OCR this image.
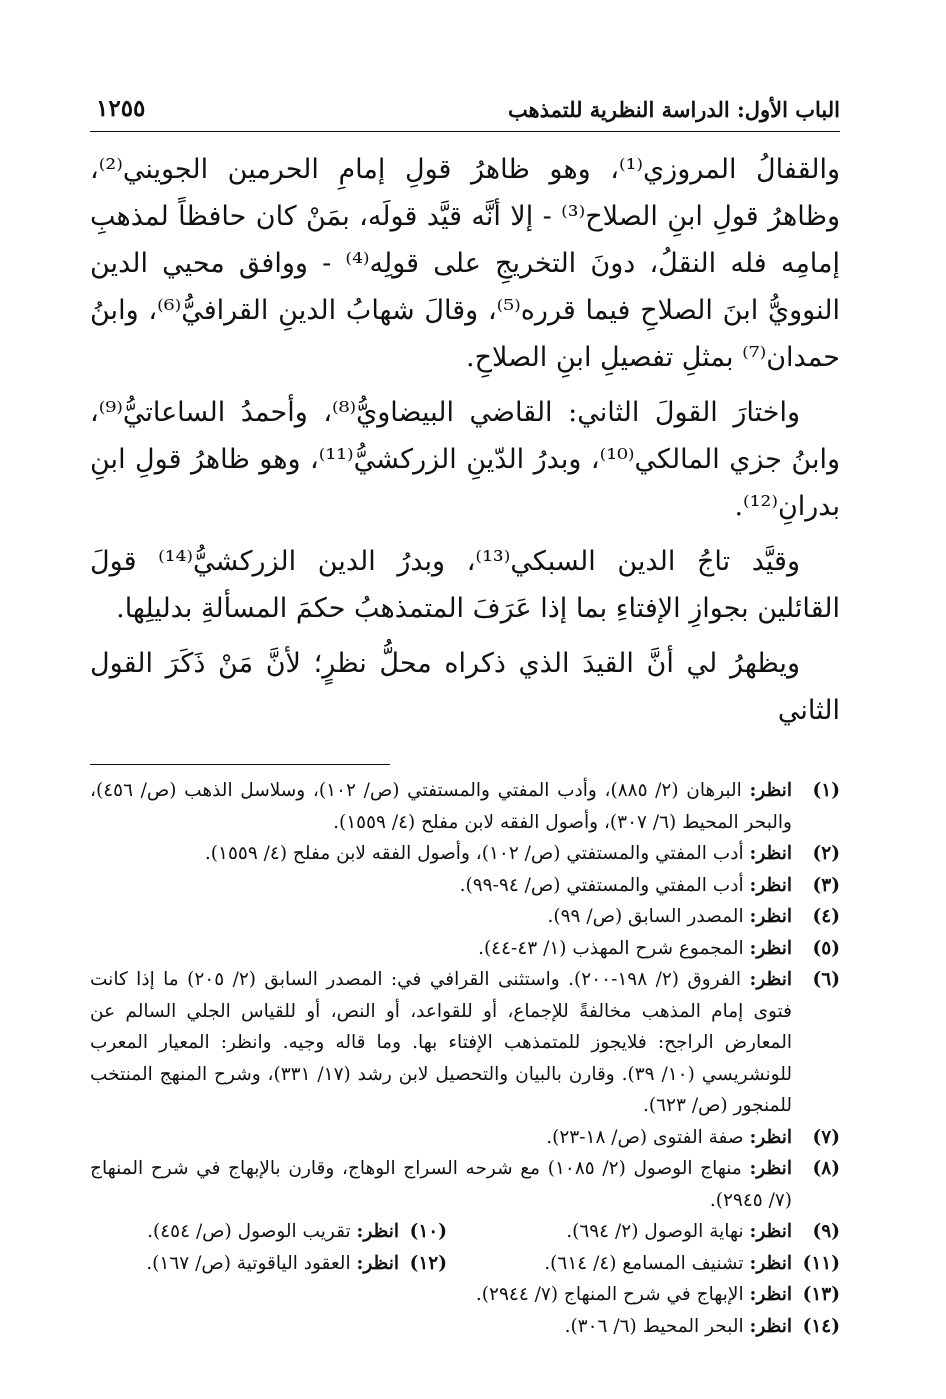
الباب الأول: الدراسة النظرية للتمذهب
١٢٥٥

والقفالُ المروزي⁽¹⁾، وهو ظاهرُ قولِ إمامِ الحرمين الجويني⁽²⁾، وظاهرُ قولِ ابنِ الصلاح⁽³⁾ - إلا أنَّه قيَّد قولَه، بمَنْ كان حافظاً لمذهبِ إمامِه فله النقلُ، دونَ التخريجِ على قولِه⁽⁴⁾ - ووافق محيي الدين النوويُّ ابنَ الصلاحِ فيما قرره⁽⁵⁾، وقالَ شهابُ الدينِ القرافيُّ⁽⁶⁾، وابنُ حمدان⁽⁷⁾ بمثلِ تفصيلِ ابنِ الصلاحِ.

واختارَ القولَ الثاني: القاضي البيضاويُّ⁽⁸⁾، وأحمدُ الساعاتيُّ⁽⁹⁾، وابنُ جزي المالكي⁽¹⁰⁾، وبدرُ الدّينِ الزركشيُّ⁽¹¹⁾، وهو ظاهرُ قولِ ابنِ بدرانِ⁽¹²⁾.

وقيَّد تاجُ الدين السبكي⁽¹³⁾، وبدرُ الدين الزركشيُّ⁽¹⁴⁾ قولَ القائلين بجوازِ الإفتاءِ بما إذا عَرَفَ المتمذهبُ حكمَ المسألةِ بدليلِها.

ويظهرُ لي أنَّ القيدَ الذي ذكراه محلُّ نظرٍ؛ لأنَّ مَنْ ذَكَرَ القول الثاني

(١)
انظر: البرهان (٢/ ٨٨٥)، وأدب المفتي والمستفتي (ص/ ١٠٢)، وسلاسل الذهب (ص/ ٤٥٦)، والبحر المحيط (٦/ ٣٠٧)، وأصول الفقه لابن مفلح (٤/ ١٥٥٩).
(٢)
انظر: أدب المفتي والمستفتي (ص/ ١٠٢)، وأصول الفقه لابن مفلح (٤/ ١٥٥٩).
(٣)
انظر: أدب المفتي والمستفتي (ص/ ٩٤-٩٩).
(٤)
انظر: المصدر السابق (ص/ ٩٩).
(٥)
انظر: المجموع شرح المهذب (١/ ٤٣-٤٤).
(٦)
انظر: الفروق (٢/ ١٩٨-٢٠٠). واستثنى القرافي في: المصدر السابق (٢/ ٢٠٥) ما إذا كانت فتوى إمام المذهب مخالفةً للإجماع، أو للقواعد، أو النص، أو للقياس الجلي السالم عن المعارض الراجح: فلايجوز للمتمذهب الإفتاء بها. وما قاله وجيه. وانظر: المعيار المعرب للونشريسي (١٠/ ٣٩). وقارن بالبيان والتحصيل لابن رشد (١٧/ ٣٣١)، وشرح المنهج المنتخب للمنجور (ص/ ٦٢٣).
(٧)
انظر: صفة الفتوى (ص/ ١٨-٢٣).
(٨)
انظر: منهاج الوصول (٢/ ١٠٨٥) مع شرحه السراج الوهاج، وقارن بالإبهاج في شرح المنهاج (٧/ ٢٩٤٥).
(٩)
انظر: نهاية الوصول (٢/ ٦٩٤).
(١٠)
انظر: تقريب الوصول (ص/ ٤٥٤).
(١١)
انظر: تشنيف المسامع (٤/ ٦١٤).
(١٢)
انظر: العقود الياقوتية (ص/ ١٦٧).
(١٣)
انظر: الإبهاج في شرح المنهاج (٧/ ٢٩٤٤).
(١٤)
انظر: البحر المحيط (٦/ ٣٠٦).
